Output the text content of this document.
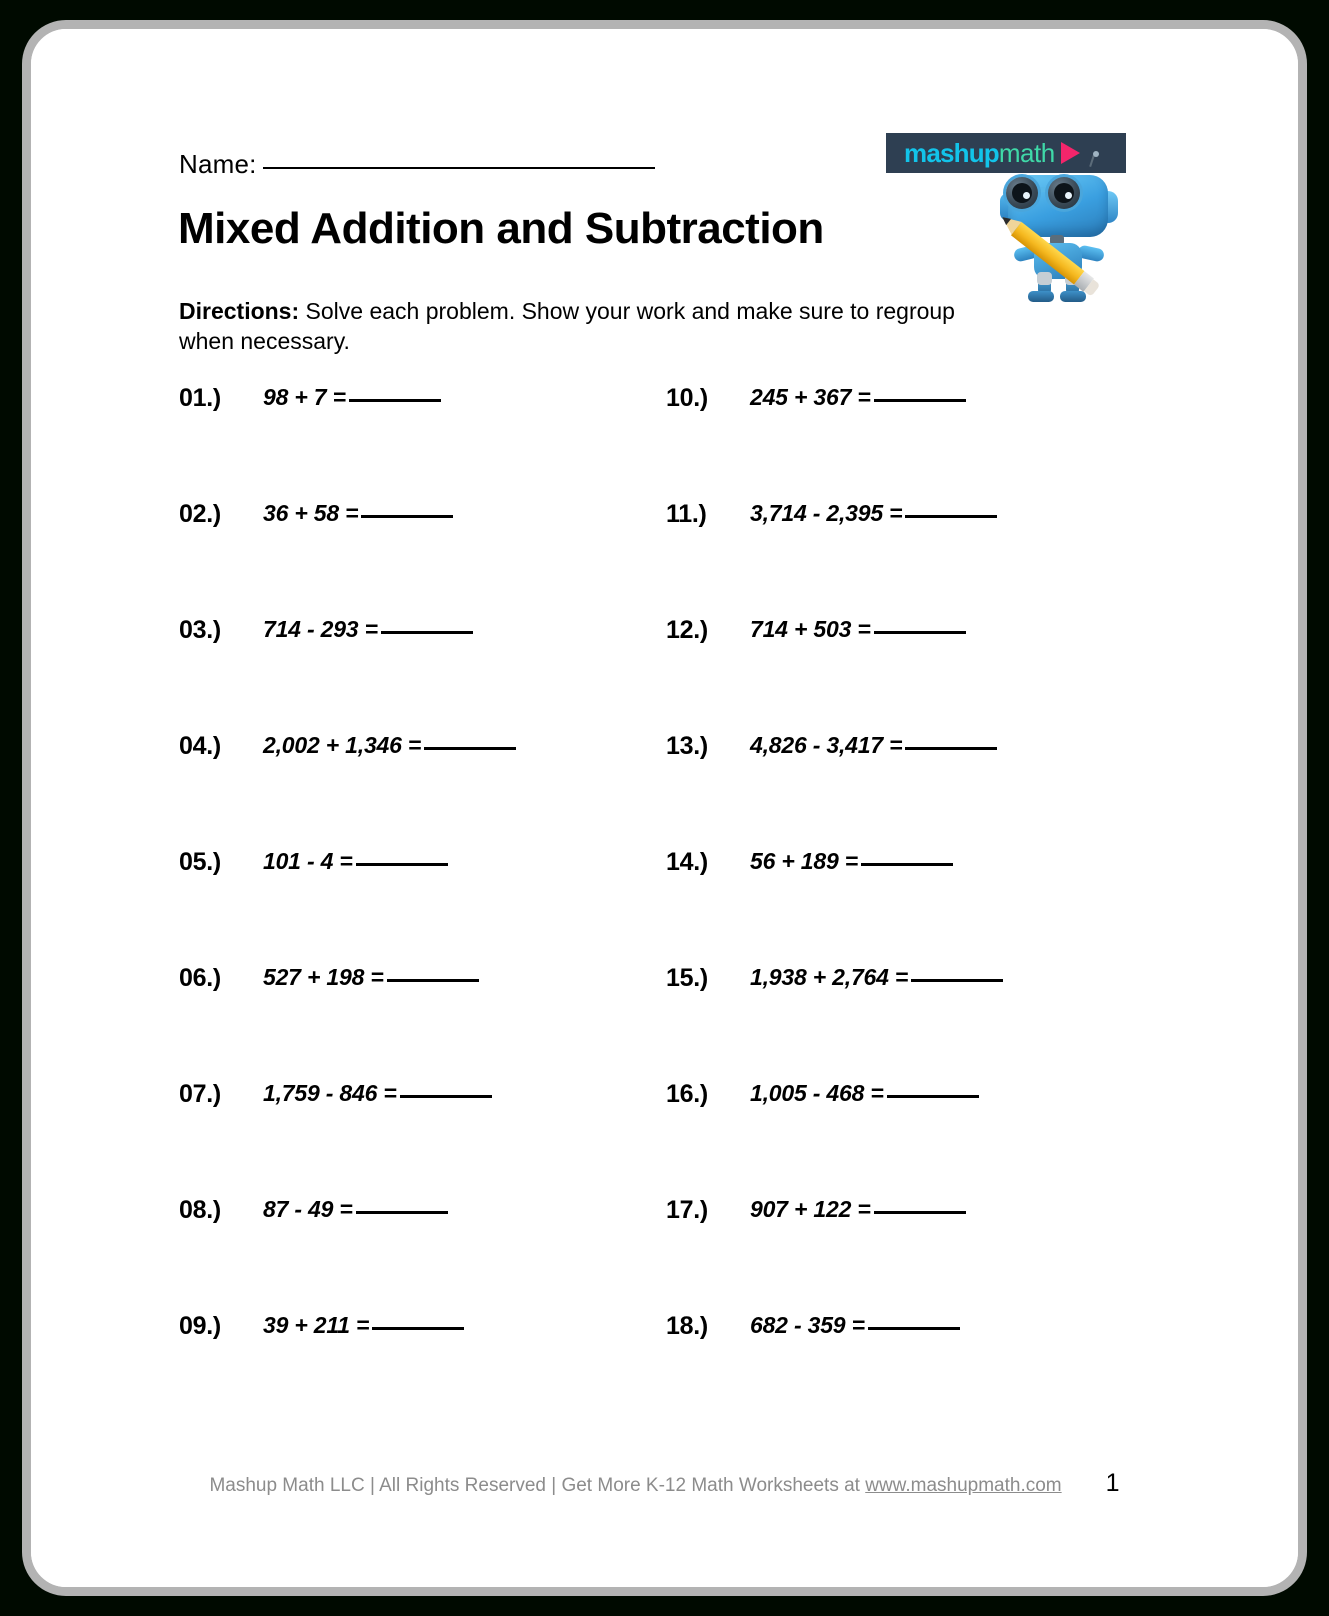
Name:
Mixed Addition and Subtraction
Directions: Solve each problem. Show your work and make sure to regroup when necessary.
mashup math
01.)	98 + 7 =	10.)	245 + 367 =
02.)	36 + 58 =	11.)	3,714 - 2,395 =
03.)	714 - 293 =	12.)	714 + 503 =
04.)	2,002 + 1,346 =	13.)	4,826 - 3,417 =
05.)	101 - 4 =	14.)	56 + 189 =
06.)	527 + 198 =	15.)	1,938 + 2,764 =
07.)	1,759 - 846 =	16.)	1,005 - 468 =
08.)	87 - 49 =	17.)	907 + 122 =
09.)	39 + 211 =	18.)	682 - 359 =
Mashup Math LLC | All Rights Reserved | Get More K-12 Math Worksheets at www.mashupmath.com 1
